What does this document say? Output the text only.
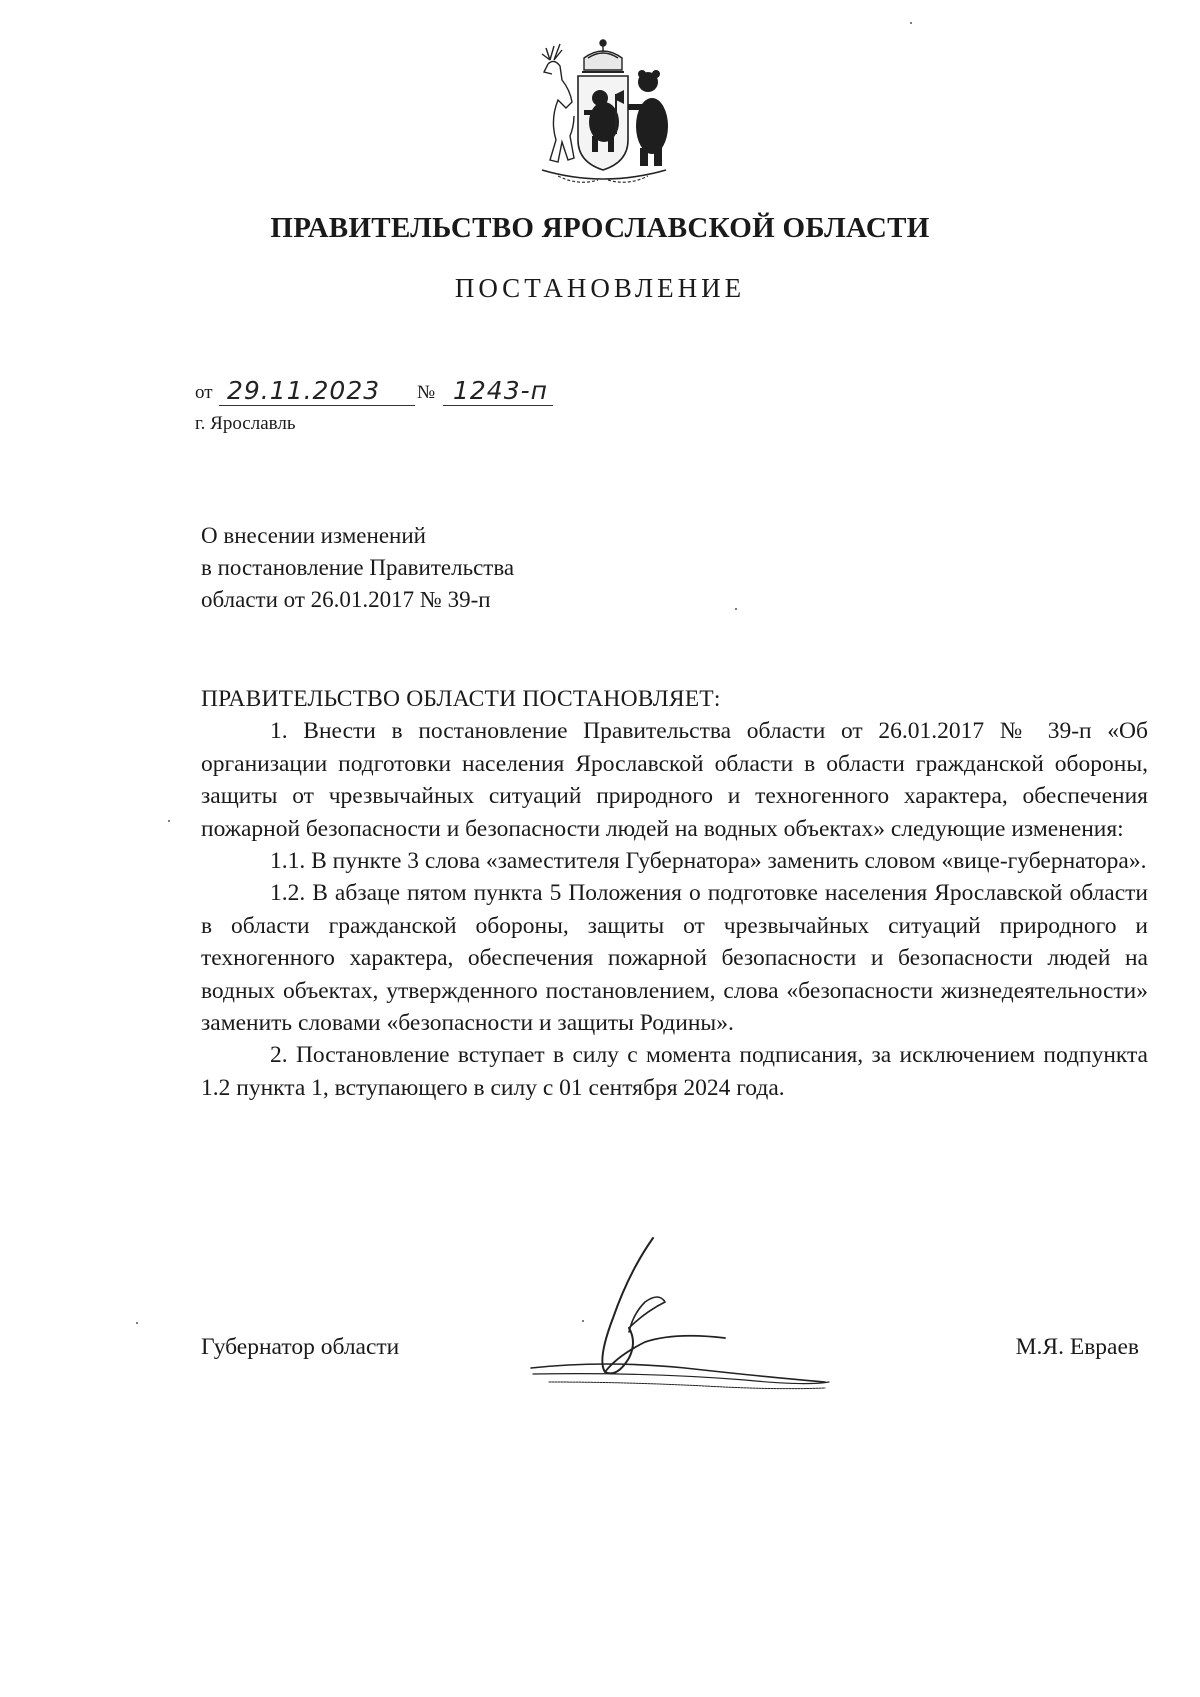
ПРАВИТЕЛЬСТВО ЯРОСЛАВСКОЙ ОБЛАСТИ
ПОСТАНОВЛЕНИЕ
от 29.11.2023 № 1243-п
г. Ярославль
О внесении изменений
в постановление Правительства
области от 26.01.2017 № 39-п

ПРАВИТЕЛЬСТВО ОБЛАСТИ ПОСТАНОВЛЯЕТ:

1. Внести в постановление Правительства области от 26.01.2017 № 39-п «Об организации подготовки населения Ярославской области в области гражданской обороны, защиты от чрезвычайных ситуаций природного и техногенного характера, обеспечения пожарной безопасности и безопасности людей на водных объектах» следующие изменения:

1.1. В пункте 3 слова «заместителя Губернатора» заменить словом «вице-губернатора».

1.2. В абзаце пятом пункта 5 Положения о подготовке населения Ярославской области в области гражданской обороны, защиты от чрезвычайных ситуаций природного и техногенного характера, обеспечения пожарной безопасности и безопасности людей на водных объектах, утвержденного постановлением, слова «безопасности жизнедеятельности» заменить словами «безопасности и защиты Родины».

2. Постановление вступает в силу с момента подписания, за исключением подпункта 1.2 пункта 1, вступающего в силу с 01 сентября 2024 года.

Губернатор области	М.Я. Евраев
